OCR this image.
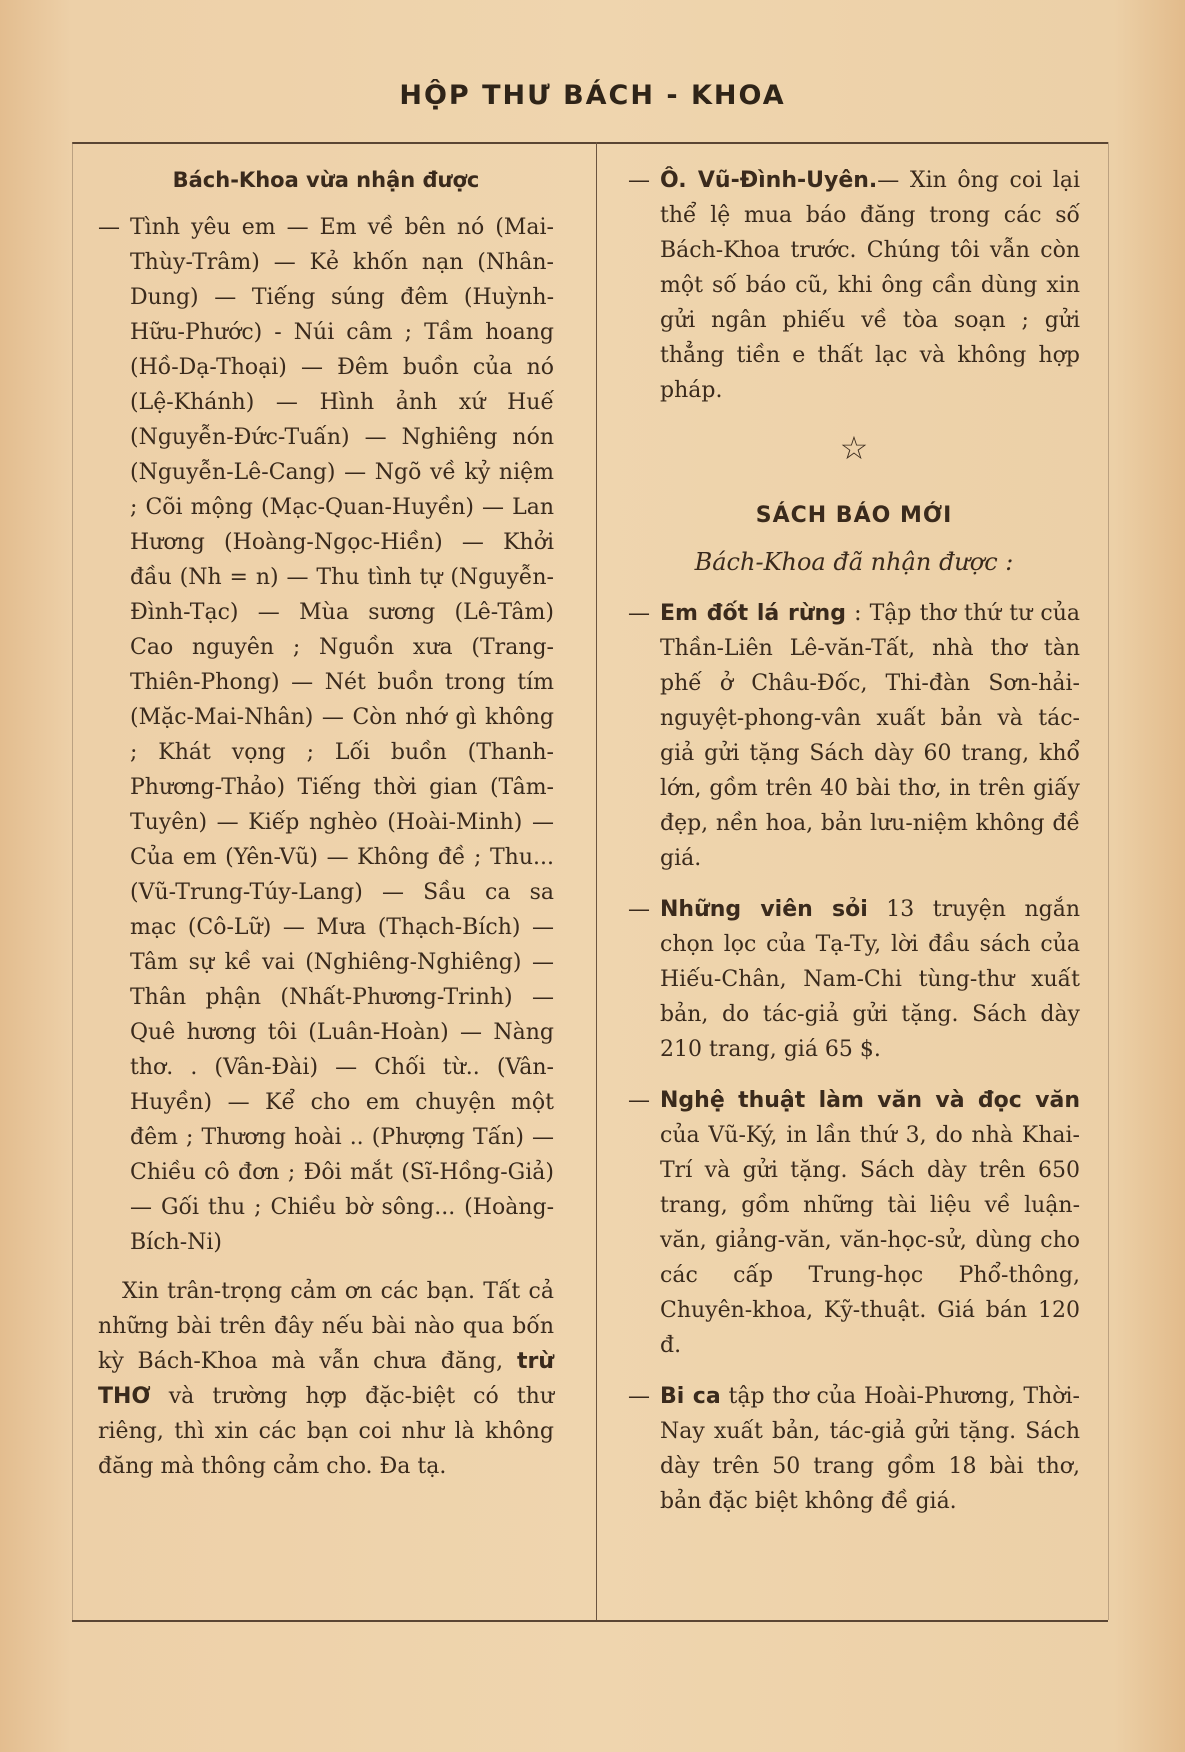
HỘP THƯ BÁCH - KHOA
Bách-Khoa vừa nhận được

— Tình yêu em — Em về bên nó (Mai-Thùy-Trâm) — Kẻ khốn nạn (Nhân-Dung) — Tiếng súng đêm (Huỳnh-Hữu-Phước) - Núi câm ; Tầm hoang (Hồ-Dạ-Thoại) — Đêm buồn của nó (Lệ-Khánh) — Hình ảnh xứ Huế (Nguyễn-Đức-Tuấn) — Nghiêng nón (Nguyễn-Lê-Cang) — Ngõ về kỷ niệm ; Cõi mộng (Mạc-Quan-Huyền) — Lan Hương (Hoàng-Ngọc-Hiền) — Khởi đầu (Nh = n) — Thu tình tự (Nguyễn-Đình-Tạc) — Mùa sương (Lê-Tâm) Cao nguyên ; Nguồn xưa (Trang-Thiên-Phong) — Nét buồn trong tím (Mặc-Mai-Nhân) — Còn nhớ gì không ; Khát vọng ; Lối buồn (Thanh-Phương-Thảo) Tiếng thời gian (Tâm-Tuyên) — Kiếp nghèo (Hoài-Minh) — Của em (Yên-Vũ) — Không đề ; Thu... (Vũ-Trung-Túy-Lang) — Sầu ca sa mạc (Cô-Lữ) — Mưa (Thạch-Bích) — Tâm sự kề vai (Nghiêng-Nghiêng) — Thân phận (Nhất-Phương-Trinh) — Quê hương tôi (Luân-Hoàn) — Nàng thơ. . (Vân-Đài) — Chối từ.. (Vân-Huyền) — Kể cho em chuyện một đêm ; Thương hoài .. (Phượng Tấn) — Chiều cô đơn ; Đôi mắt (Sĩ-Hồng-Giả) — Gối thu ; Chiều bờ sông... (Hoàng-Bích-Ni)

Xin trân-trọng cảm ơn các bạn. Tất cả những bài trên đây nếu bài nào qua bốn kỳ Bách-Khoa mà vẫn chưa đăng, trừ THƠ và trường hợp đặc-biệt có thư riêng, thì xin các bạn coi như là không đăng mà thông cảm cho. Đa tạ.

— Ô. Vũ-Đình-Uyên.— Xin ông coi lại thể lệ mua báo đăng trong các số Bách-Khoa trước. Chúng tôi vẫn còn một số báo cũ, khi ông cần dùng xin gửi ngân phiếu về tòa soạn ; gửi thẳng tiền e thất lạc và không hợp pháp.

☆
SÁCH BÁO MỚI
Bách-Khoa đã nhận được :

— Em đốt lá rừng : Tập thơ thứ tư của Thần-Liên Lê-văn-Tất, nhà thơ tàn phế ở Châu-Đốc, Thi-đàn Sơn-hải-nguyệt-phong-vân xuất bản và tác-giả gửi tặng Sách dày 60 trang, khổ lớn, gồm trên 40 bài thơ, in trên giấy đẹp, nền hoa, bản lưu-niệm không đề giá.

— Những viên sỏi 13 truyện ngắn chọn lọc của Tạ-Ty, lời đầu sách của Hiếu-Chân, Nam-Chi tùng-thư xuất bản, do tác-giả gửi tặng. Sách dày 210 trang, giá 65 $.

— Nghệ thuật làm văn và đọc văn của Vũ-Ký, in lần thứ 3, do nhà Khai-Trí và gửi tặng. Sách dày trên 650 trang, gồm những tài liệu về luận-văn, giảng-văn, văn-học-sử, dùng cho các cấp Trung-học Phổ-thông, Chuyên-khoa, Kỹ-thuật. Giá bán 120 đ.

— Bi ca tập thơ của Hoài-Phương, Thời-Nay xuất bản, tác-giả gửi tặng. Sách dày trên 50 trang gồm 18 bài thơ, bản đặc biệt không đề giá.
